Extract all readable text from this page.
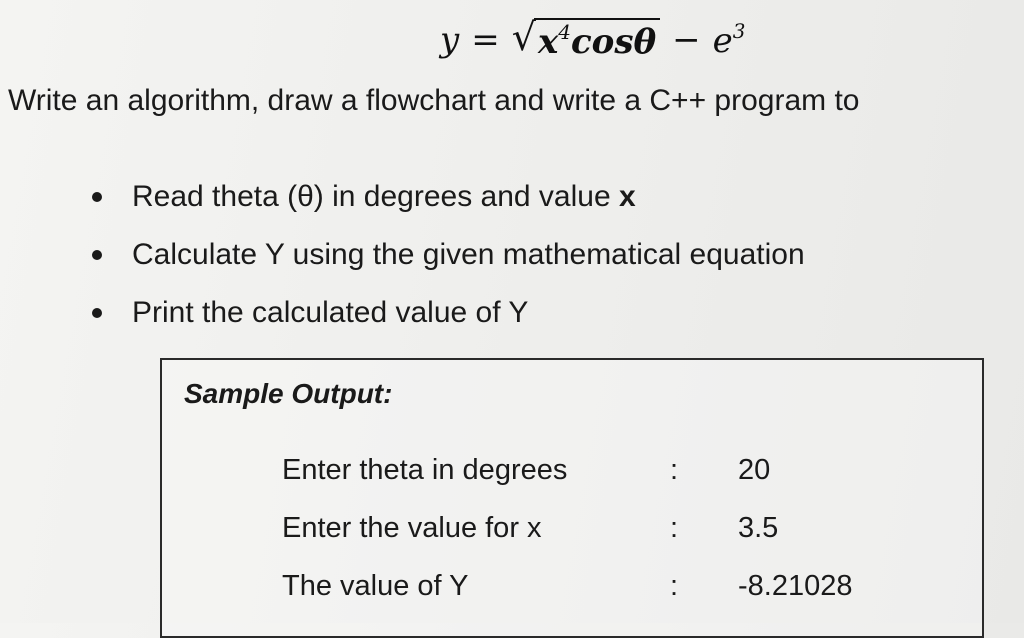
y = √ $x^4\cos\theta - e^3$
Write an algorithm, draw a flowchart and write a C++ program to
Read theta (θ) in degrees and value x
Calculate Y using the given mathematical equation
Print the calculated value of Y
Sample Output:
Enter theta in degrees	: 20
Enter the value for x	: 3.5
The value of Y	: -8.21028
